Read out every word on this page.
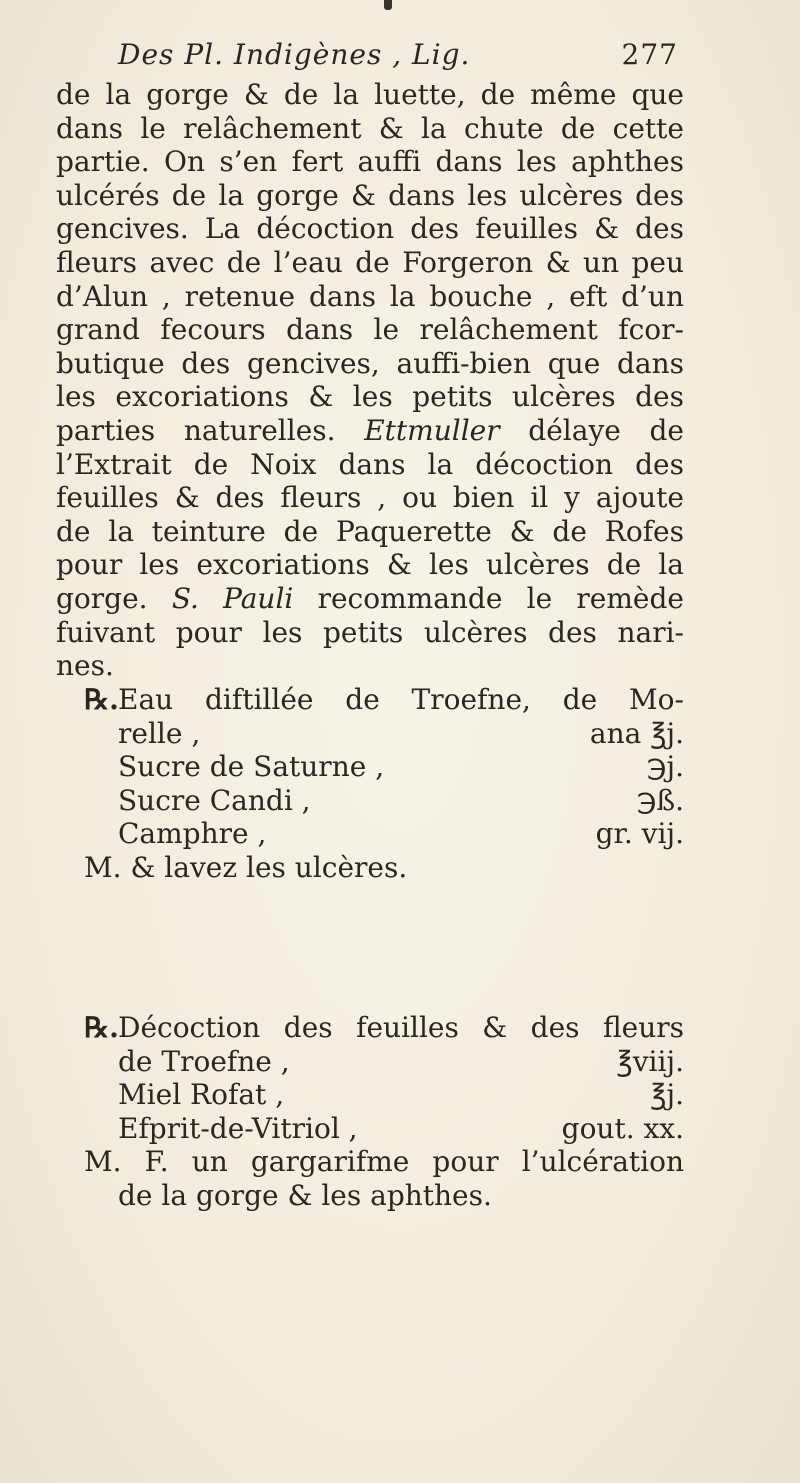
Des Pl. Indigènes , Lig.	277
de la gorge & de la luette, de même que
dans le relâchement & la chute de cette
partie. On s’en fert auffi dans les aphthes
ulcérés de la gorge & dans les ulcères des
gencives. La décoction des feuilles & des
fleurs avec de l’eau de Forgeron & un peu
d’Alun , retenue dans la bouche , eft d’un
grand fecours dans le relâchement fcor-
butique des gencives, auffi-bien que dans
les excoriations & les petits ulcères des
parties naturelles. Ettmuller délaye de
l’Extrait de Noix dans la décoction des
feuilles & des fleurs , ou bien il y ajoute
de la teinture de Paquerette & de Rofes
pour les excoriations & les ulcères de la
gorge. S. Pauli recommande le remède
fuivant pour les petits ulcères des nari-
nes.
℞. Eau diftillée de Troefne, de Mo-
relle ,	ana ℥j.
Sucre de Saturne ,	℈j.
Sucre Candi ,	℈ß.
Camphre ,	gr. vij.
M. & lavez les ulcères.
℞. Décoction des feuilles & des fleurs
de Troefne ,	℥viij.
Miel Rofat ,	℥j.
Efprit-de-Vitriol ,	gout. xx.
M. F. un gargarifme pour l’ulcération
de la gorge & les aphthes.
